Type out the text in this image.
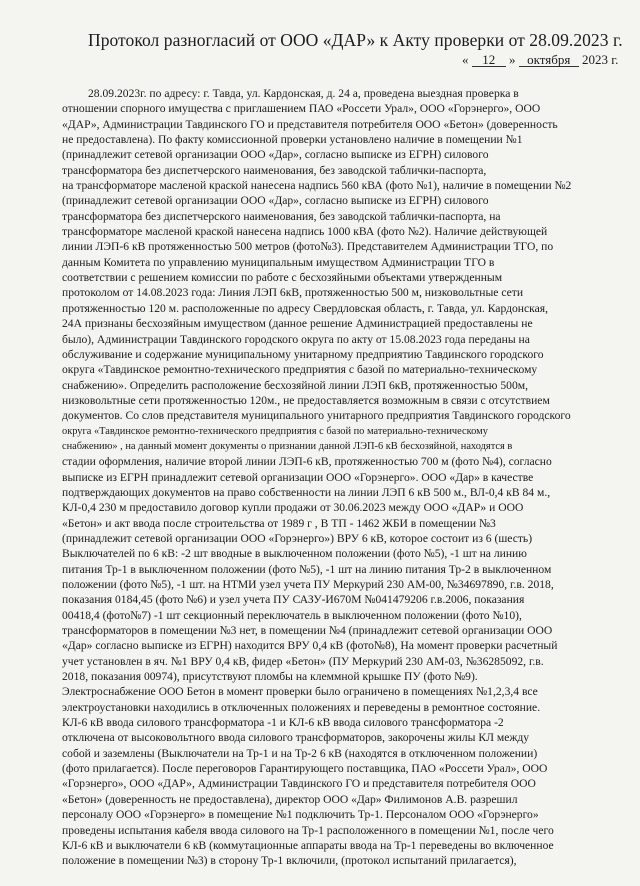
Протокол разногласий от ООО «ДАР» к Акту проверки от 28.09.2023 г.
« 12 » октября 2023 г.
28.09.2023г. по адресу: г. Тавда, ул. Кардонская, д. 24 а, проведена выездная проверка в
отношении спорного имущества с приглашением ПАО «Россети Урал», ООО «Горэнерго», ООО
«ДАР», Администрации Тавдинского ГО и представителя потребителя ООО «Бетон» (доверенность
не предоставлена). По факту комиссионной проверки установлено наличие в помещении №1
(принадлежит сетевой организации ООО «Дар», согласно выписке из ЕГРН) силового
трансформатора без диспетчерского наименования, без заводской таблички-паспорта,
на трансформаторе масленой краской нанесена надпись 560 кВА (фото №1), наличие в помещении №2
(принадлежит сетевой организации ООО «Дар», согласно выписке из ЕГРН) силового
трансформатора без диспетчерского наименования, без заводской таблички-паспорта, на
трансформаторе масленой краской нанесена надпись 1000 кВА (фото №2). Наличие действующей
линии ЛЭП-6 кВ протяженностью 500 метров (фото№3). Представителем Администрации ТГО, по
данным Комитета по управлению муниципальным имуществом Администрации ТГО в
соответствии с решением комиссии по работе с бесхозяйными объектами утвержденным
протоколом от 14.08.2023 года: Линия ЛЭП 6кВ, протяженностью 500 м, низковольтные сети
протяженностью 120 м. расположенные по адресу Свердловская область, г. Тавда, ул. Кардонская,
24А признаны бесхозяйным имуществом (данное решение Администрацией предоставлены не
было), Администрации Тавдинского городского округа по акту от 15.08.2023 года переданы на
обслуживание и содержание муниципальному унитарному предприятию Тавдинского городского
округа «Тавдинское ремонтно-технического предприятия с базой по материально-техническому
снабжению». Определить расположение бесхозяйной линии ЛЭП 6кВ, протяженностью 500м,
низковольтные сети протяженностью 120м., не предоставляется возможным в связи с отсутствием
документов. Со слов представителя муниципального унитарного предприятия Тавдинского городского
округа «Тавдинское ремонтно-технического предприятия с базой по материально-техническому
снабжению» , на данный момент документы о признании данной ЛЭП-6 кВ бесхозяйной, находятся в
стадии оформления, наличие второй линии ЛЭП-6 кВ, протяженностью 700 м (фото №4), согласно
выписке из ЕГРН принадлежит сетевой организации ООО «Горэнерго». ООО «Дар» в качестве
подтверждающих документов на право собственности на линии ЛЭП 6 кВ 500 м., ВЛ-0,4 кВ 84 м.,
КЛ-0,4 230 м предоставило договор купли продажи от 30.06.2023 между ООО «ДАР» и ООО
«Бетон» и акт ввода после строительства от 1989 г , В ТП - 1462 ЖБИ в помещении №3
(принадлежит сетевой организации ООО «Горэнерго») ВРУ 6 кВ, которое состоит из 6 (шесть)
Выключателей по 6 кВ: -2 шт вводные в выключенном положении (фото №5), -1 шт на линию
питания Тр-1 в выключенном положении (фото №5), -1 шт на линию питания Тр-2 в выключенном
положении (фото №5), -1 шт. на НТМИ узел учета ПУ Меркурий 230 АМ-00, №34697890, г.в. 2018,
показания 0184,45 (фото №6) и узел учета ПУ САЗУ-И670М №041479206 г.в.2006, показания
00418,4 (фото№7) -1 шт секционный переключатель в выключенном положении (фото №10),
трансформаторов в помещении №3 нет, в помещении №4 (принадлежит сетевой организации ООО
«Дар» согласно выписке из ЕГРН) находится ВРУ 0,4 кВ (фото№8), На момент проверки расчетный
учет установлен в яч. №1 ВРУ 0,4 кВ, фидер «Бетон» (ПУ Меркурий 230 АМ-03, №36285092, г.в.
2018, показания 00974), присутствуют пломбы на клеммной крышке ПУ (фото №9).
Электроснабжение ООО Бетон в момент проверки было ограничено в помещениях №1,2,3,4 все
электроустановки находились в отключенных положениях и переведены в ремонтное состояние.
КЛ-6 кВ ввода силового трансформатора -1 и КЛ-6 кВ ввода силового трансформатора -2
отключена от высоковольтного ввода силового трансформаторов, закорочены жилы КЛ между
собой и заземлены (Выключатели на Тр-1 и на Тр-2 6 кВ (находятся в отключенном положении)
(фото прилагается). После переговоров Гарантирующего поставщика, ПАО «Россети Урал», ООО
«Горэнерго», ООО «ДАР», Администрации Тавдинского ГО и представителя потребителя ООО
«Бетон» (доверенность не предоставлена), директор ООО «Дар» Филимонов А.В. разрешил
персоналу ООО «Горэнерго» в помещение №1 подключить Тр-1. Персоналом ООО «Горэнерго»
проведены испытания кабеля ввода силового на Тр-1 расположенного в помещении №1, после чего
КЛ-6 кВ и выключатели 6 кВ (коммутационные аппараты ввода на Тр-1 переведены во включенное
положение в помещении №3) в сторону Тр-1 включили, (протокол испытаний прилагается),
